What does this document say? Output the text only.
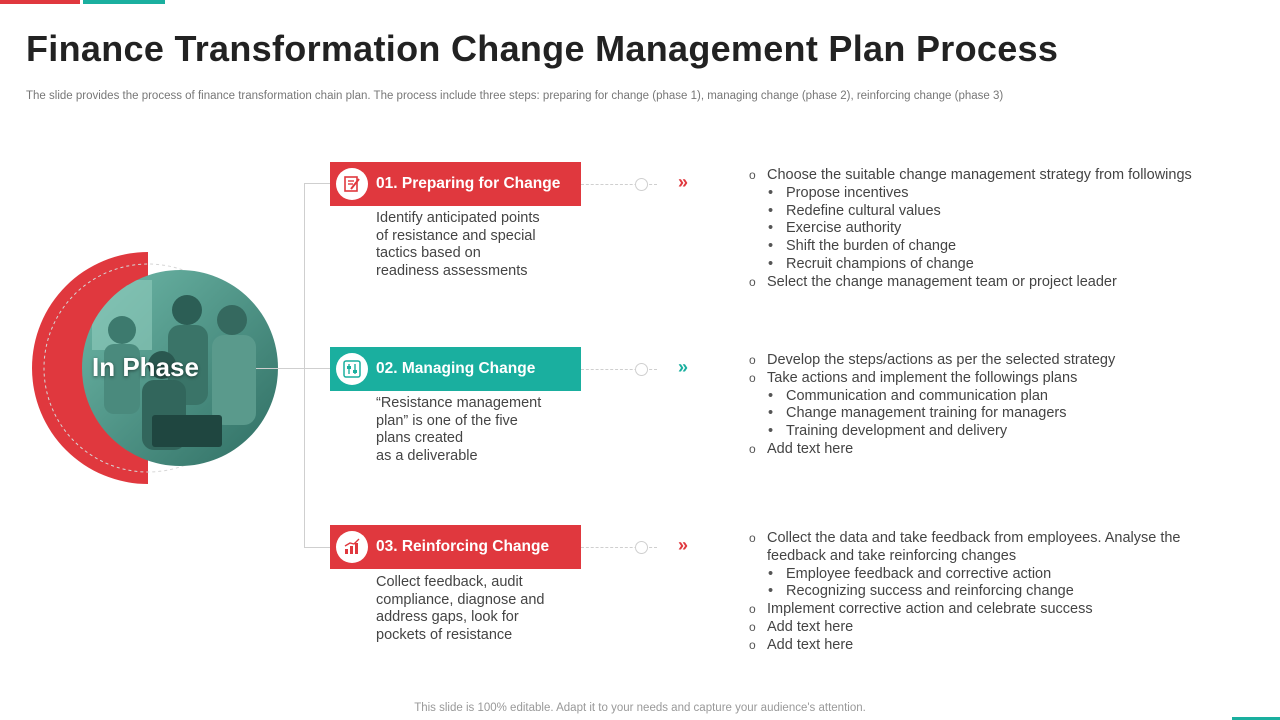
Finance Transformation Change Management Plan Process

The slide provides the process of finance transformation chain plan. The process include three steps: preparing for change (phase 1), managing change (phase 2), reinforcing change (phase 3)

In Phase
01. Preparing for Change
Identify anticipated points
of resistance and special
tactics based on
readiness assessments
»	o Choose the suitable change management strategy from followings
• Propose incentives
• Redefine cultural values
• Exercise authority
• Shift the burden of change
• Recruit champions of change
o Select the change management team or project leader
02. Managing Change
“Resistance management
plan” is one of the five
plans created
as a deliverable
»	o Develop the steps/actions as per the selected strategy
o Take actions and implement the followings plans
• Communication and communication plan
• Change management training for managers
• Training development and delivery
o Add text here
03. Reinforcing Change
Collect feedback, audit
compliance, diagnose and
address gaps, look for
pockets of resistance
»	o Collect the data and take feedback from employees. Analyse the
feedback and take reinforcing changes
• Employee feedback and corrective action
• Recognizing success and reinforcing change
o Implement corrective action and celebrate success
o Add text here
o Add text here
This slide is 100% editable. Adapt it to your needs and capture your audience's attention.
